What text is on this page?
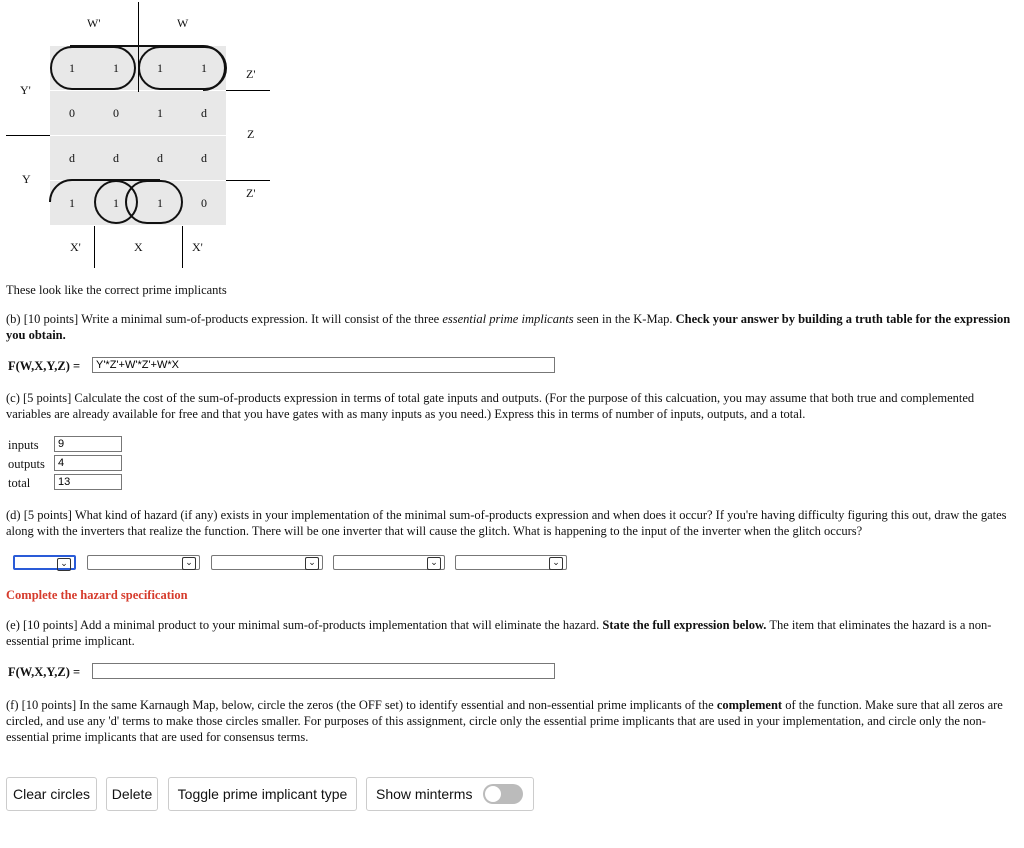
1	1	1	1
0	0	1	d
d	d	d	d
1	1	1	0
W'	W
Y'
Y
Z'
Z
Z'
X'	X	X'

These look like the correct prime implicants

(b) [10 points] Write a minimal sum-of-products expression. It will consist of the three essential prime implicants seen in the K-Map. Check your answer by building a truth table for the expression you obtain.

F(W,X,Y,Z) =
Y'*Z'+W'*Z'+W*X

(c) [5 points] Calculate the cost of the sum-of-products expression in terms of total gate inputs and outputs. (For the purpose of this calcuation, you may assume that both true and complemented variables are already available for free and that you have gates with as many inputs as you need.) Express this in terms of number of inputs, outputs, and a total.

inputs
9
outputs
4
total
13

(d) [5 points] What kind of hazard (if any) exists in your implementation of the minimal sum-of-products expression and when does it occur? If you're having difficulty figuring this out, draw the gates along with the inverters that realize the function. There will be one inverter that will cause the glitch. What is happening to the input of the inverter when the glitch occurs?

⌄	⌄	⌄	⌄	⌄
Complete the hazard specification

(e) [10 points] Add a minimal product to your minimal sum-of-products implementation that will eliminate the hazard. State the full expression below. The item that eliminates the hazard is a non-essential prime implicant.

F(W,X,Y,Z) =

(f) [10 points] In the same Karnaugh Map, below, circle the zeros (the OFF set) to identify essential and non-essential prime implicants of the complement of the function. Make sure that all zeros are circled, and use any 'd' terms to make those circles smaller. For purposes of this assignment, circle only the essential prime implicants that are used in your implementation, and circle only the non-essential prime implicants that are used for consensus terms.

Clear circles	Delete	Toggle prime implicant type	Show minterms
